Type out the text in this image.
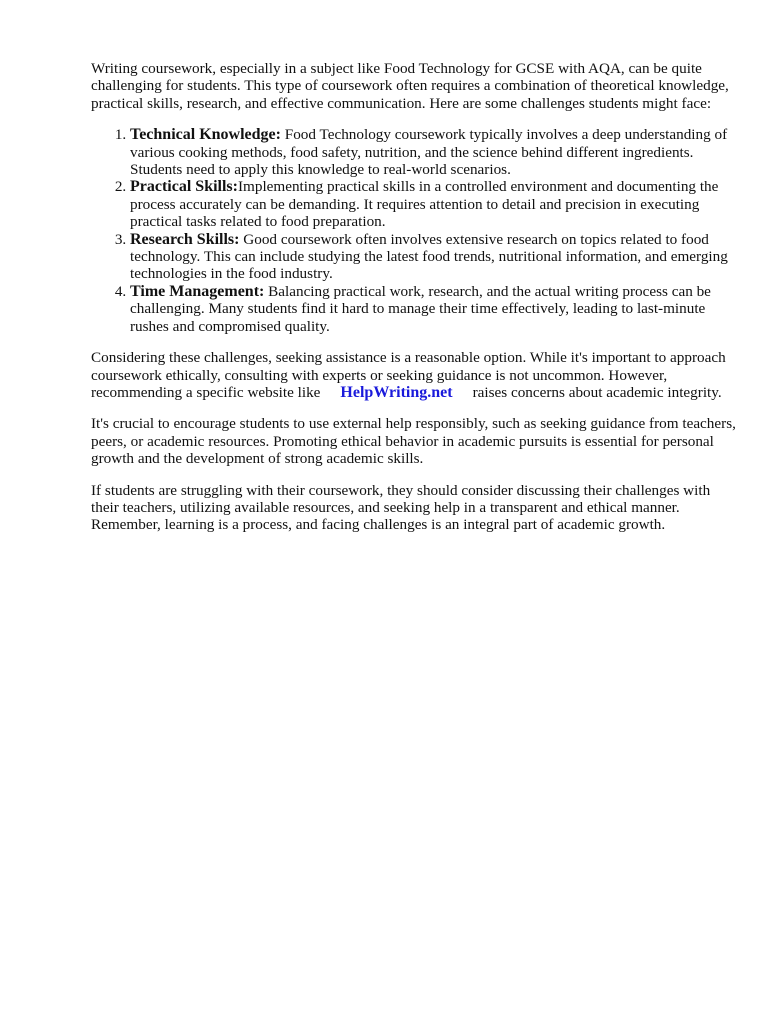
Writing coursework, especially in a subject like Food Technology for GCSE with AQA, can be quite challenging for students. This type of coursework often requires a combination of theoretical knowledge, practical skills, research, and effective communication. Here are some challenges students might face:

1. Technical Knowledge: Food Technology coursework typically involves a deep understanding of various cooking methods, food safety, nutrition, and the science behind different ingredients. Students need to apply this knowledge to real-world scenarios.
2. Practical Skills:Implementing practical skills in a controlled environment and documenting the process accurately can be demanding. It requires attention to detail and precision in executing practical tasks related to food preparation.
3. Research Skills: Good coursework often involves extensive research on topics related to food technology. This can include studying the latest food trends, nutritional information, and emerging technologies in the food industry.
4. Time Management: Balancing practical work, research, and the actual writing process can be challenging. Many students find it hard to manage their time effectively, leading to last-minute rushes and compromised quality.

Considering these challenges, seeking assistance is a reasonable option. While it's important to approach coursework ethically, consulting with experts or seeking guidance is not uncommon. However, recommending a specific website like HelpWriting.net raises concerns about academic integrity.

It's crucial to encourage students to use external help responsibly, such as seeking guidance from teachers, peers, or academic resources. Promoting ethical behavior in academic pursuits is essential for personal growth and the development of strong academic skills.

If students are struggling with their coursework, they should consider discussing their challenges with their teachers, utilizing available resources, and seeking help in a transparent and ethical manner. Remember, learning is a process, and facing challenges is an integral part of academic growth.
